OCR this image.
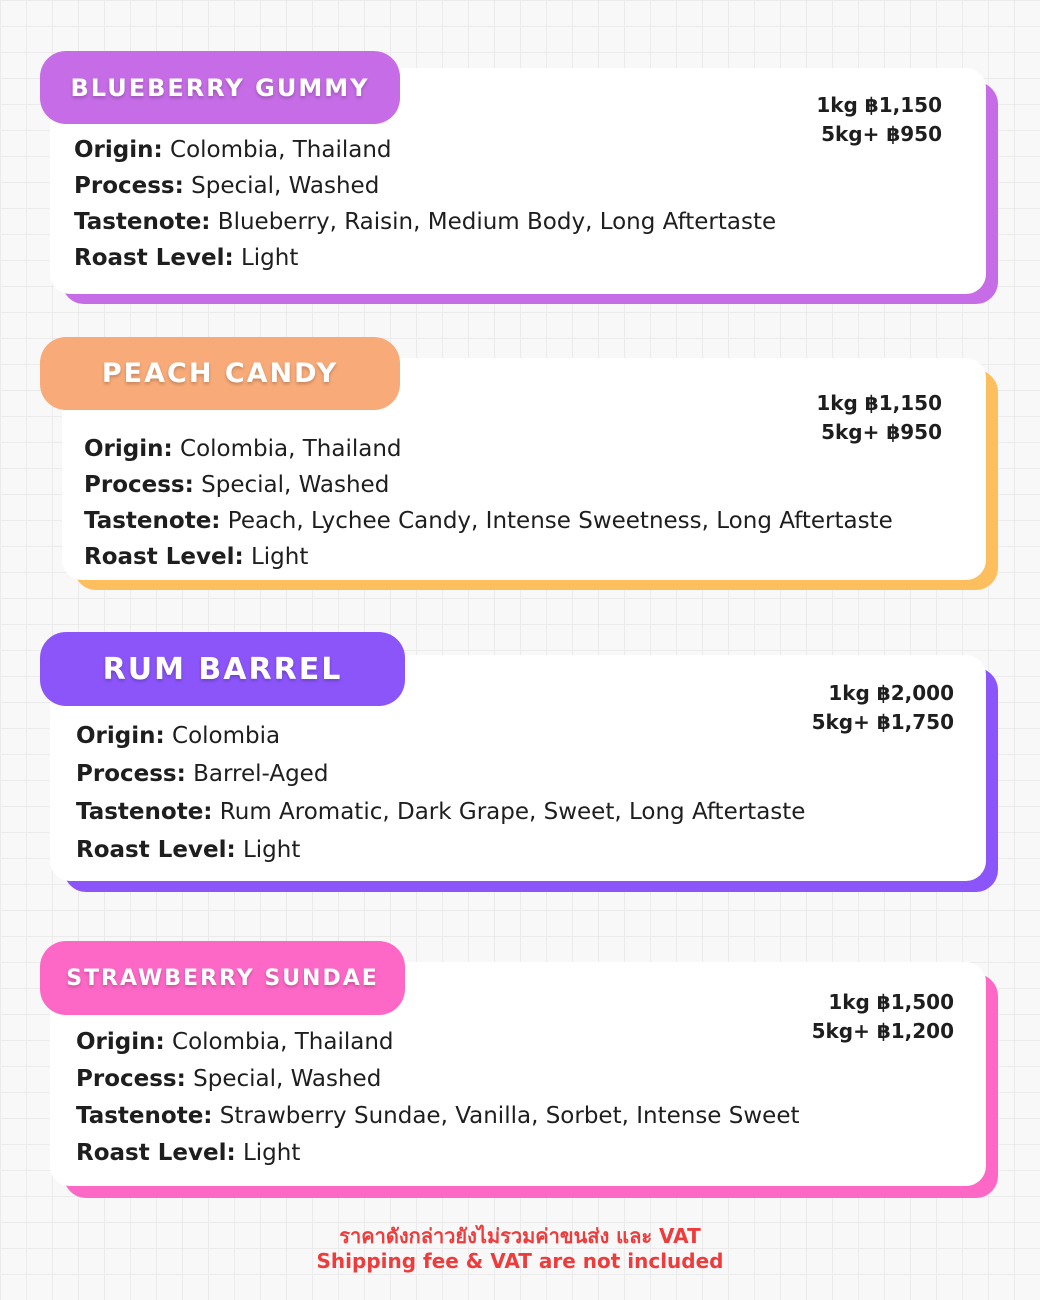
BLUEBERRY GUMMY
1kg ฿1,150
5kg+ ฿950
Origin: Colombia, Thailand
Process: Special, Washed
Tastenote: Blueberry, Raisin, Medium Body, Long Aftertaste
Roast Level: Light
PEACH CANDY
1kg ฿1,150
5kg+ ฿950
Origin: Colombia, Thailand
Process: Special, Washed
Tastenote: Peach, Lychee Candy, Intense Sweetness, Long Aftertaste
Roast Level: Light
RUM BARREL
1kg ฿2,000
5kg+ ฿1,750
Origin: Colombia
Process: Barrel-Aged
Tastenote: Rum Aromatic, Dark Grape, Sweet, Long Aftertaste
Roast Level: Light
STRAWBERRY SUNDAE
1kg ฿1,500
5kg+ ฿1,200
Origin: Colombia, Thailand
Process: Special, Washed
Tastenote: Strawberry Sundae, Vanilla, Sorbet, Intense Sweet
Roast Level: Light
ราคาดังกล่าวยังไม่รวมค่าขนส่ง และ VAT
Shipping fee & VAT are not included
